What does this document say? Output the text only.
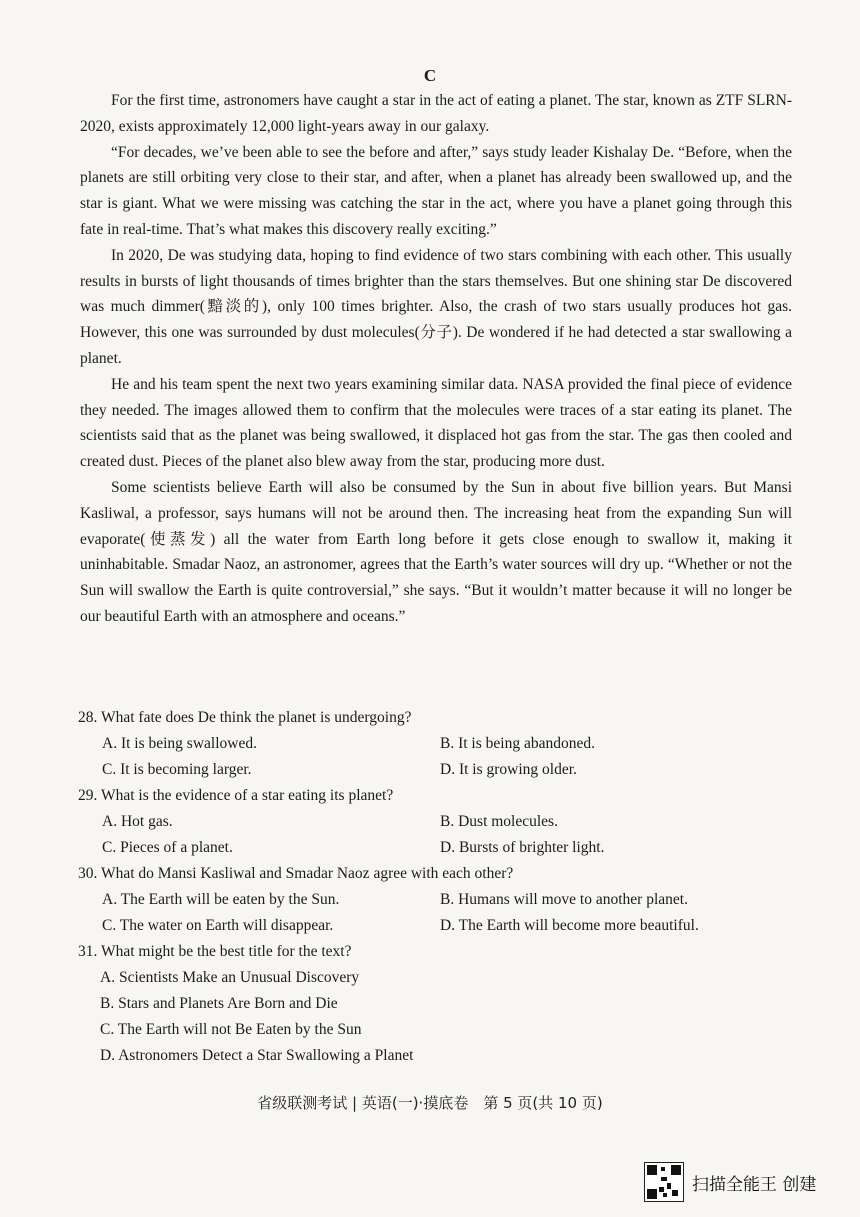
C

For the first time, astronomers have caught a star in the act of eating a planet. The star, known as ZTF SLRN-2020, exists approximately 12,000 light-years away in our galaxy.

“For decades, we’ve been able to see the before and after,” says study leader Kishalay De. “Before, when the planets are still orbiting very close to their star, and after, when a planet has already been swallowed up, and the star is giant. What we were missing was catching the star in the act, where you have a planet going through this fate in real-time. That’s what makes this discovery really exciting.”

In 2020, De was studying data, hoping to find evidence of two stars combining with each other. This usually results in bursts of light thousands of times brighter than the stars themselves. But one shining star De discovered was much dimmer(黯淡的), only 100 times brighter. Also, the crash of two stars usually produces hot gas. However, this one was surrounded by dust molecules(分子). De wondered if he had detected a star swallowing a planet.

He and his team spent the next two years examining similar data. NASA provided the final piece of evidence they needed. The images allowed them to confirm that the molecules were traces of a star eating its planet. The scientists said that as the planet was being swallowed, it displaced hot gas from the star. The gas then cooled and created dust. Pieces of the planet also blew away from the star, producing more dust.

Some scientists believe Earth will also be consumed by the Sun in about five billion years. But Mansi Kasliwal, a professor, says humans will not be around then. The increasing heat from the expanding Sun will evaporate(使蒸发) all the water from Earth long before it gets close enough to swallow it, making it uninhabitable. Smadar Naoz, an astronomer, agrees that the Earth’s water sources will dry up. “Whether or not the Sun will swallow the Earth is quite controversial,” she says. “But it wouldn’t matter because it will no longer be our beautiful Earth with an atmosphere and oceans.”

28. What fate does De think the planet is undergoing?
A. It is being swallowed.	B. It is being abandoned.
C. It is becoming larger.	D. It is growing older.
29. What is the evidence of a star eating its planet?
A. Hot gas.	B. Dust molecules.
C. Pieces of a planet.	D. Bursts of brighter light.
30. What do Mansi Kasliwal and Smadar Naoz agree with each other?
A. The Earth will be eaten by the Sun.	B. Humans will move to another planet.
C. The water on Earth will disappear.	D. The Earth will become more beautiful.
31. What might be the best title for the text?
A. Scientists Make an Unusual Discovery
B. Stars and Planets Are Born and Die
C. The Earth will not Be Eaten by the Sun
D. Astronomers Detect a Star Swallowing a Planet
省级联测考试 | 英语(一)·摸底卷　第 5 页(共 10 页)
扫描全能王 创建
